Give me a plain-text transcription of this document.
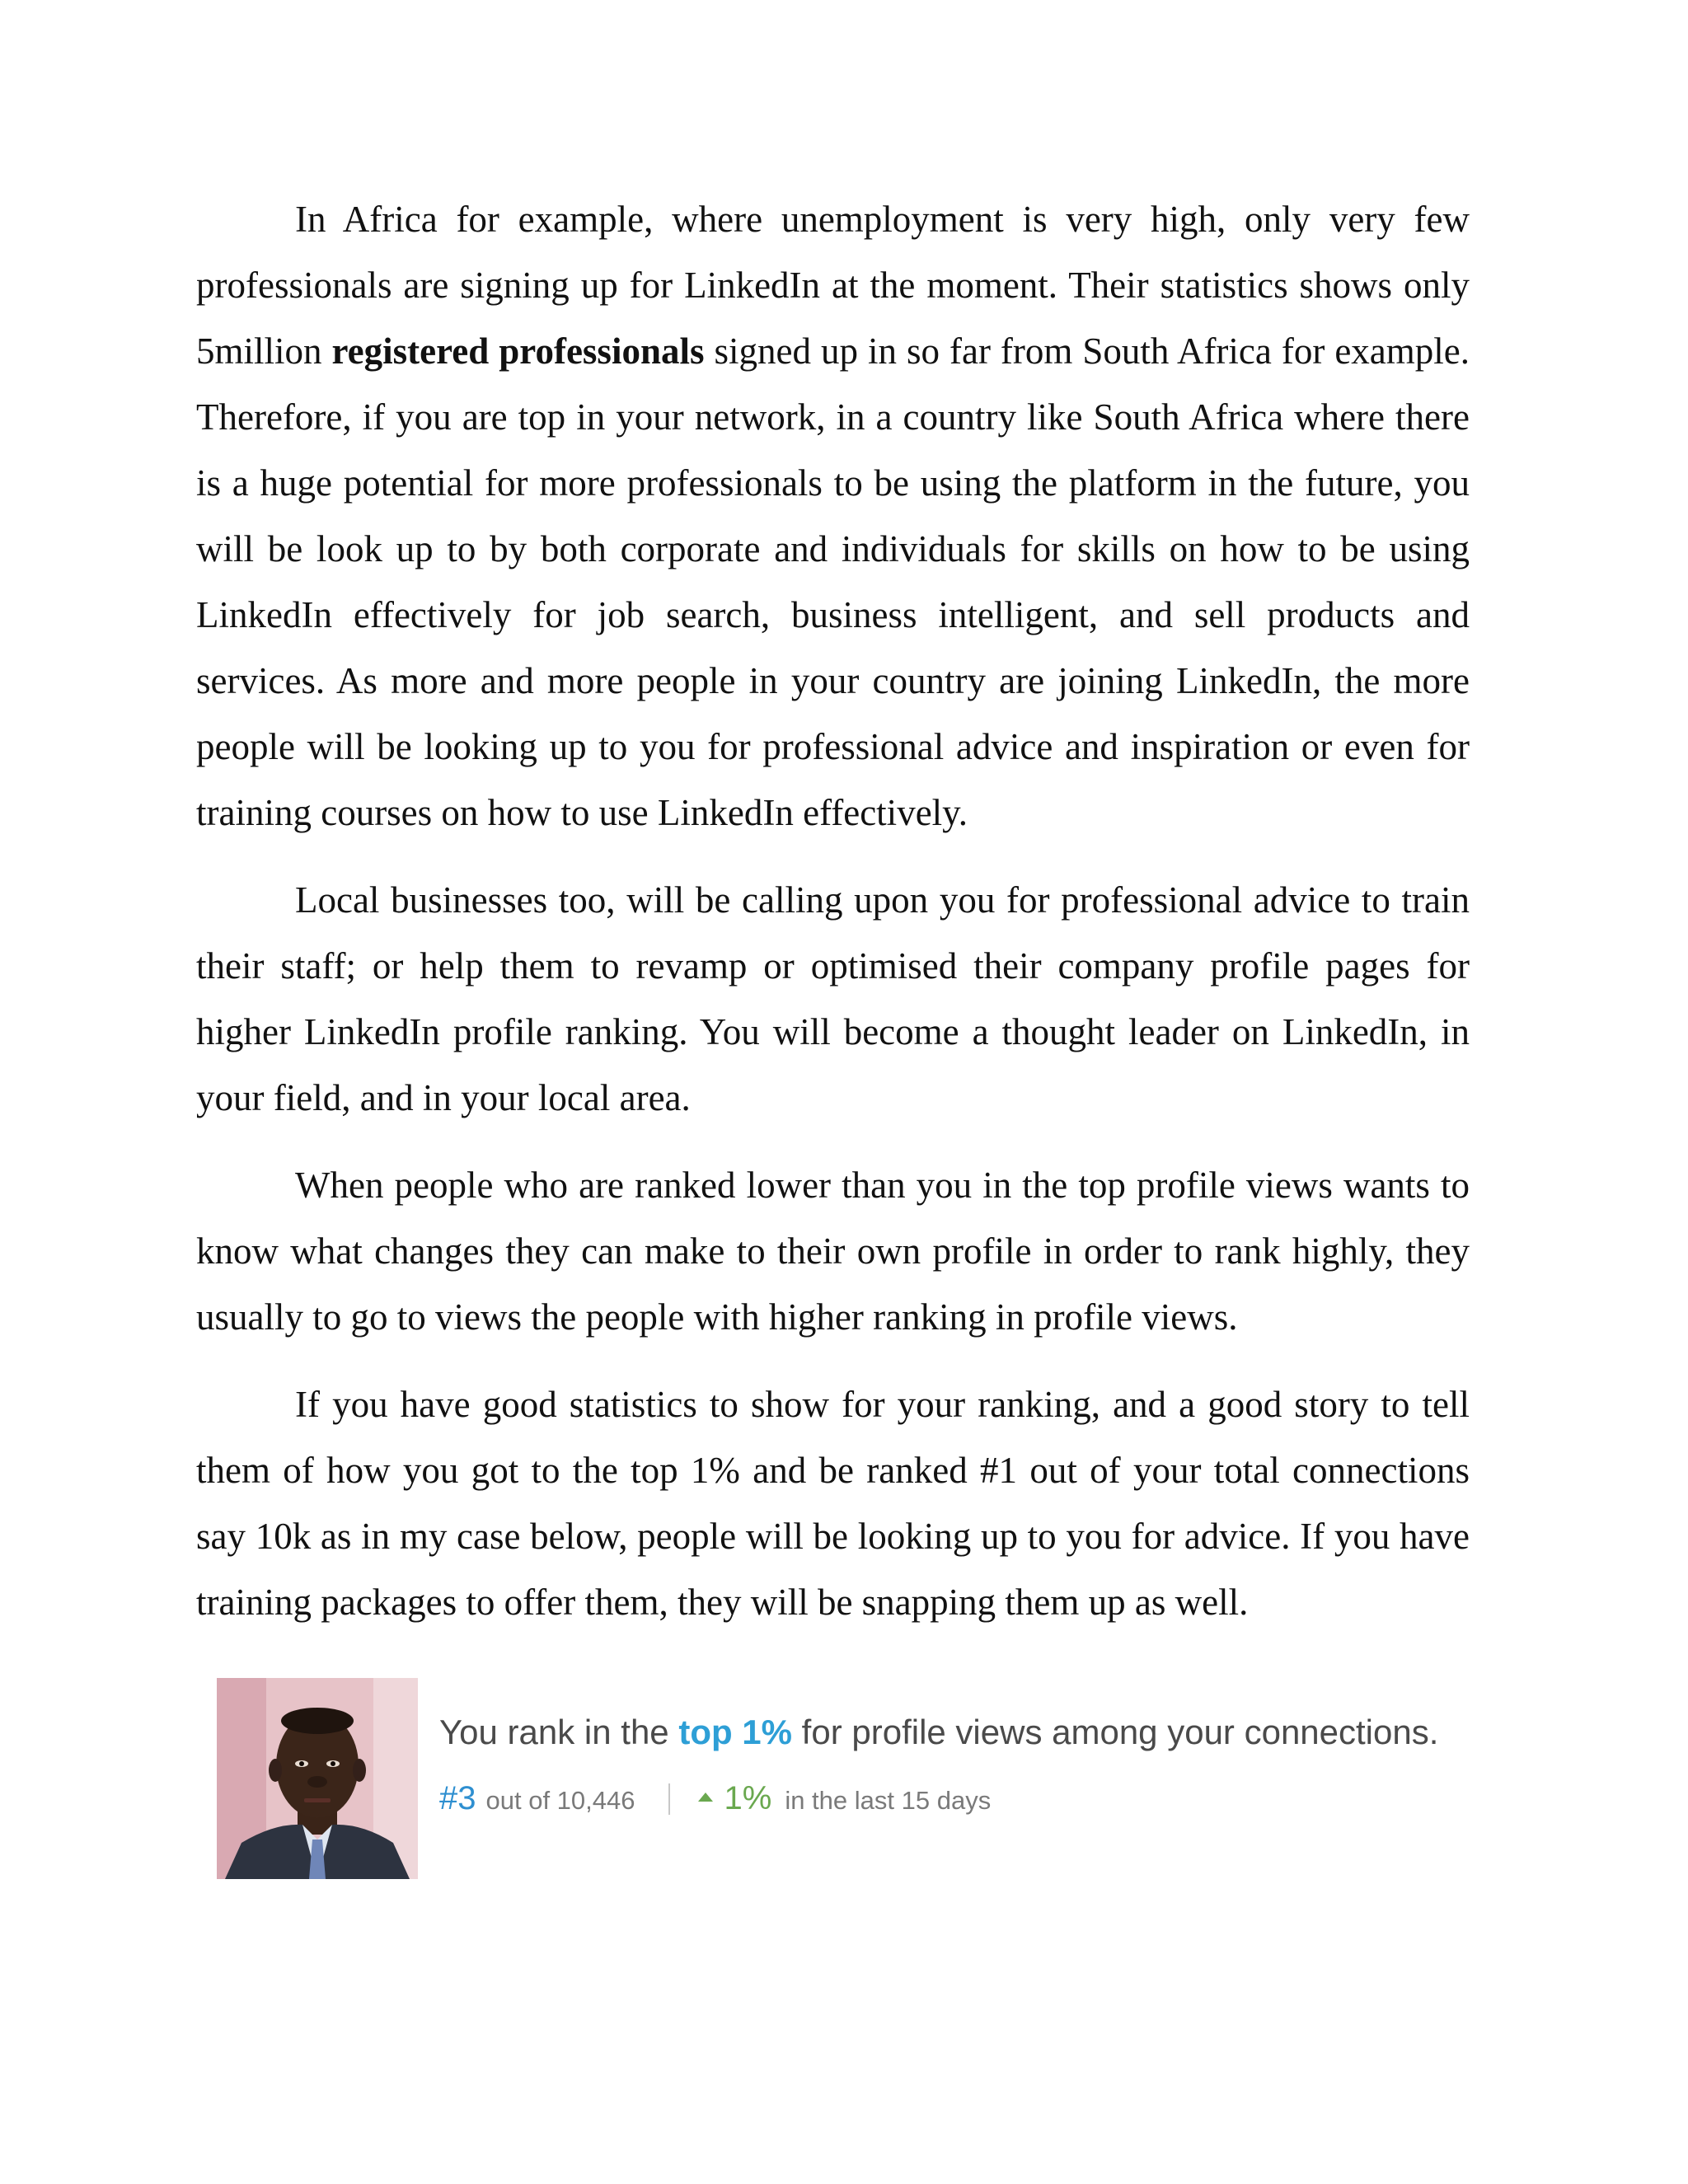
In Africa for example, where unemployment is very high, only very few professionals are signing up for LinkedIn at the moment. Their statistics shows only 5million registered professionals signed up in so far from South Africa for example. Therefore, if you are top in your network, in a country like South Africa where there is a huge potential for more professionals to be using the platform in the future, you will be look up to by both corporate and individuals for skills on how to be using LinkedIn effectively for job search, business intelligent, and sell products and services. As more and more people in your country are joining LinkedIn, the more people will be looking up to you for professional advice and inspiration or even for training courses on how to use LinkedIn effectively.

Local businesses too, will be calling upon you for professional advice to train their staff; or help them to revamp or optimised their company profile pages for higher LinkedIn profile ranking. You will become a thought leader on LinkedIn, in your field, and in your local area.

When people who are ranked lower than you in the top profile views wants to know what changes they can make to their own profile in order to rank highly, they usually to go to views the people with higher ranking in profile views.

If you have good statistics to show for your ranking, and a good story to tell them of how you got to the top 1% and be ranked #1 out of your total connections say 10k as in my case below, people will be looking up to you for advice. If you have training packages to offer them, they will be snapping them up as well.

You rank in the top 1% for profile views among your connections.
#3 out of 10,446	1% in the last 15 days
